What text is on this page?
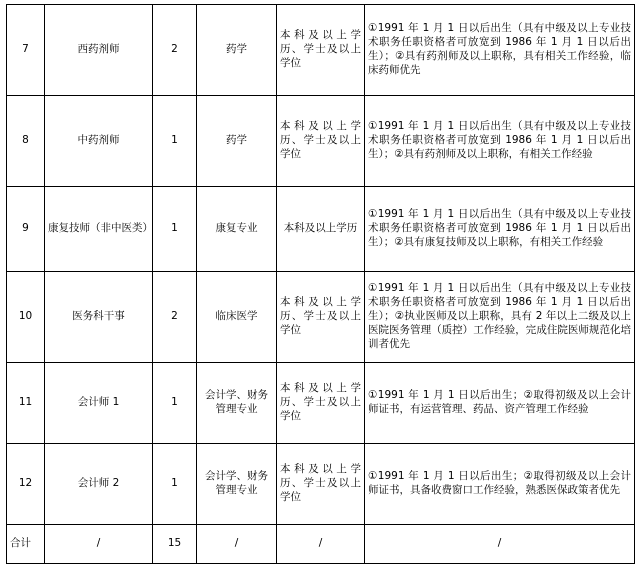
7	西药剂师	2	药学	本科及以上学历、学士及以上学位	①1991 年 1 月 1 日以后出生（具有中级及以上专业技术职务任职资格者可放宽到 1986 年 1 月 1 日以后出生）；②具有药剂师及以上职称，具有相关工作经验，临床药师优先
8	中药剂师	1	药学	本科及以上学历、学士及以上学位	①1991 年 1 月 1 日以后出生（具有中级及以上专业技术职务任职资格者可放宽到 1986 年 1 月 1 日以后出生）；②具有药剂师及以上职称，有相关工作经验
9	康复技师（非中医类）	1	康复专业	本科及以上学历	①1991 年 1 月 1 日以后出生（具有中级及以上专业技术职务任职资格者可放宽到 1986 年 1 月 1 日以后出生）；②具有康复技师及以上职称，有相关工作经验
10	医务科干事	2	临床医学	本科及以上学历、学士及以上学位	①1991 年 1 月 1 日以后出生（具有中级及以上专业技术职务任职资格者可放宽到 1986 年 1 月 1 日以后出生）；②执业医师及以上职称，具有 2 年以上二级及以上医院医务管理（质控）工作经验，完成住院医师规范化培训者优先
11	会计师 1	1	会计学、财务管理专业	本科及以上学历、学士及以上学位	①1991 年 1 月 1 日以后出生；②取得初级及以上会计师证书，有运营管理、药品、资产管理工作经验
12	会计师 2	1	会计学、财务管理专业	本科及以上学历、学士及以上学位	①1991 年 1 月 1 日以后出生；②取得初级及以上会计师证书，具备收费窗口工作经验，熟悉医保政策者优先
合计	/	15	/	/	/
